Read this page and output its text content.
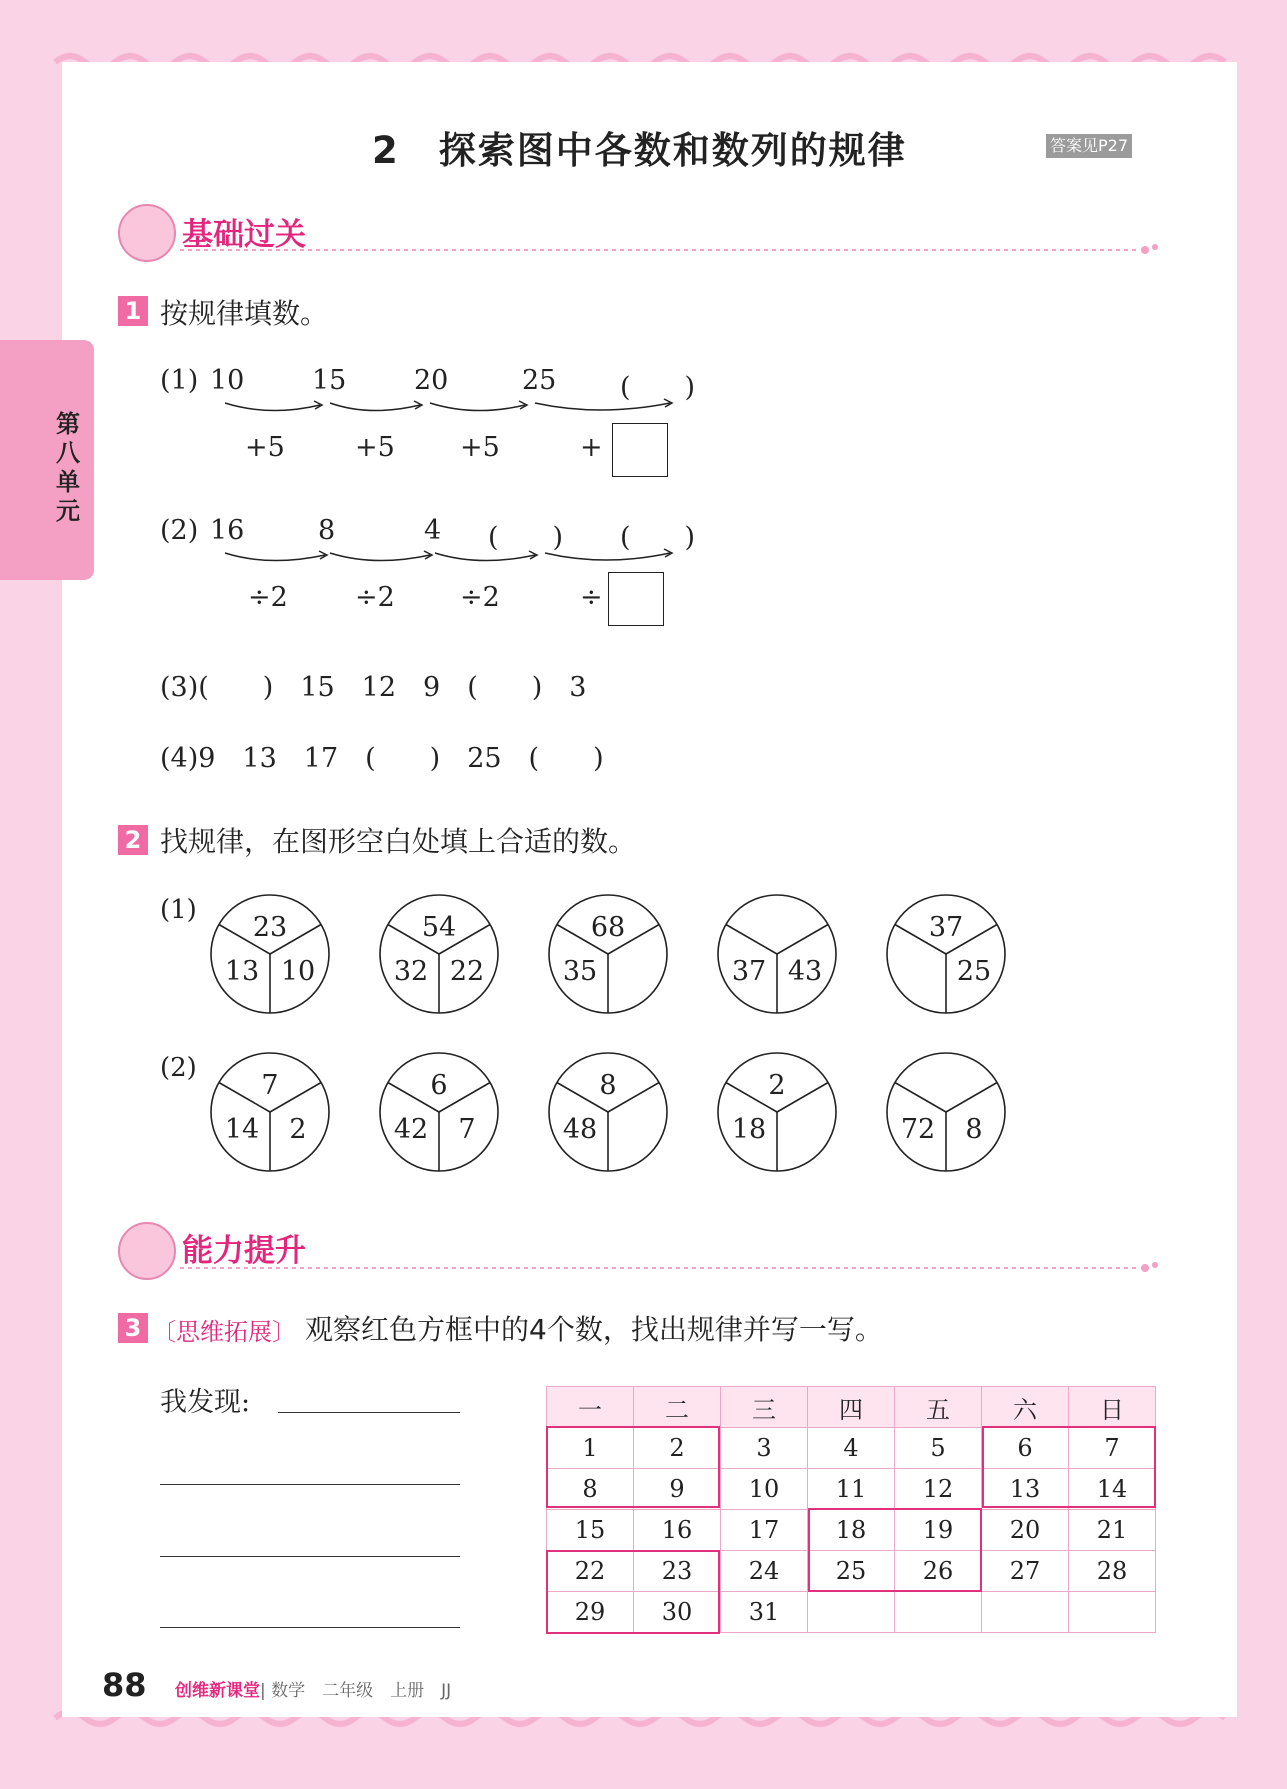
2　探索图中各数和数列的规律	答案见P27
第八单元
基础过关
1 按规律填数。
(1) 10	15	20	25 (　　)
+5	+5 +5	+
(2) 16	8	4 (　　) (　　)
÷2 ÷2 ÷2	÷
(3)(　　)　15　12　9　(　　)　3
(4)9　13　17　(　　)　25　(　　)
2 找规律，在图形空白处填上合适的数。
(1)
(2)
23
13 10
54
32 22
68
35	37 43
37
25
7
14 2
6
42 7
8
48
2
18	72 8
能力提升
3 〔思维拓展〕 观察红色方框中的4个数，找出规律并写一写。
我发现:	一	二	三	四	五	六	日
1	2	3	4	5	6	7
8	9	10	11	12	13	14
15	16	17	18	19	20	21
22	23	24	25	26	27	28
29	30	31				
88 创维新课堂| 数学　二年级　上册　JJ
